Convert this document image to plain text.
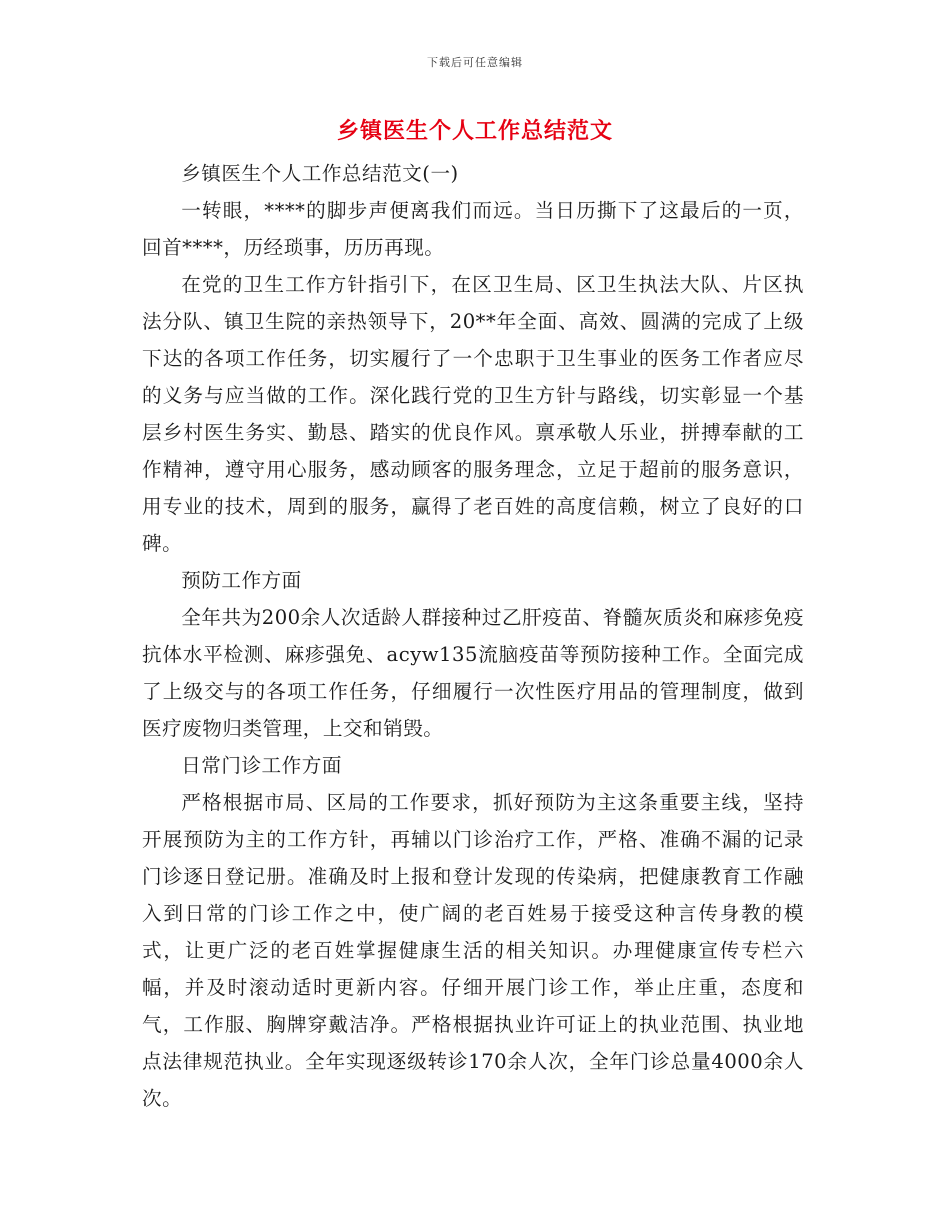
下载后可任意编辑
乡镇医生个人工作总结范文

乡镇医生个人工作总结范文(一)

一转眼，****的脚步声便离我们而远。当日历撕下了这最后的一页，回首****，历经琐事，历历再现。

在党的卫生工作方针指引下，在区卫生局、区卫生执法大队、片区执法分队、镇卫生院的亲热领导下，20**年全面、高效、圆满的完成了上级下达的各项工作任务，切实履行了一个忠职于卫生事业的医务工作者应尽的义务与应当做的工作。深化践行党的卫生方针与路线，切实彰显一个基层乡村医生务实、勤恳、踏实的优良作风。禀承敬人乐业，拼搏奉献的工作精神，遵守用心服务，感动顾客的服务理念，立足于超前的服务意识，用专业的技术，周到的服务，赢得了老百姓的高度信赖，树立了良好的口碑。

预防工作方面

全年共为200余人次适龄人群接种过乙肝疫苗、脊髓灰质炎和麻疹免疫抗体水平检测、麻疹强免、acyw135流脑疫苗等预防接种工作。全面完成了上级交与的各项工作任务，仔细履行一次性医疗用品的管理制度，做到医疗废物归类管理，上交和销毁。

日常门诊工作方面

严格根据市局、区局的工作要求，抓好预防为主这条重要主线，坚持开展预防为主的工作方针，再辅以门诊治疗工作，严格、准确不漏的记录门诊逐日登记册。准确及时上报和登计发现的传染病，把健康教育工作融入到日常的门诊工作之中，使广阔的老百姓易于接受这种言传身教的模式，让更广泛的老百姓掌握健康生活的相关知识。办理健康宣传专栏六幅，并及时滚动适时更新内容。仔细开展门诊工作，举止庄重，态度和气，工作服、胸牌穿戴洁净。严格根据执业许可证上的执业范围、执业地点法律规范执业。全年实现逐级转诊170余人次，全年门诊总量4000余人次。
